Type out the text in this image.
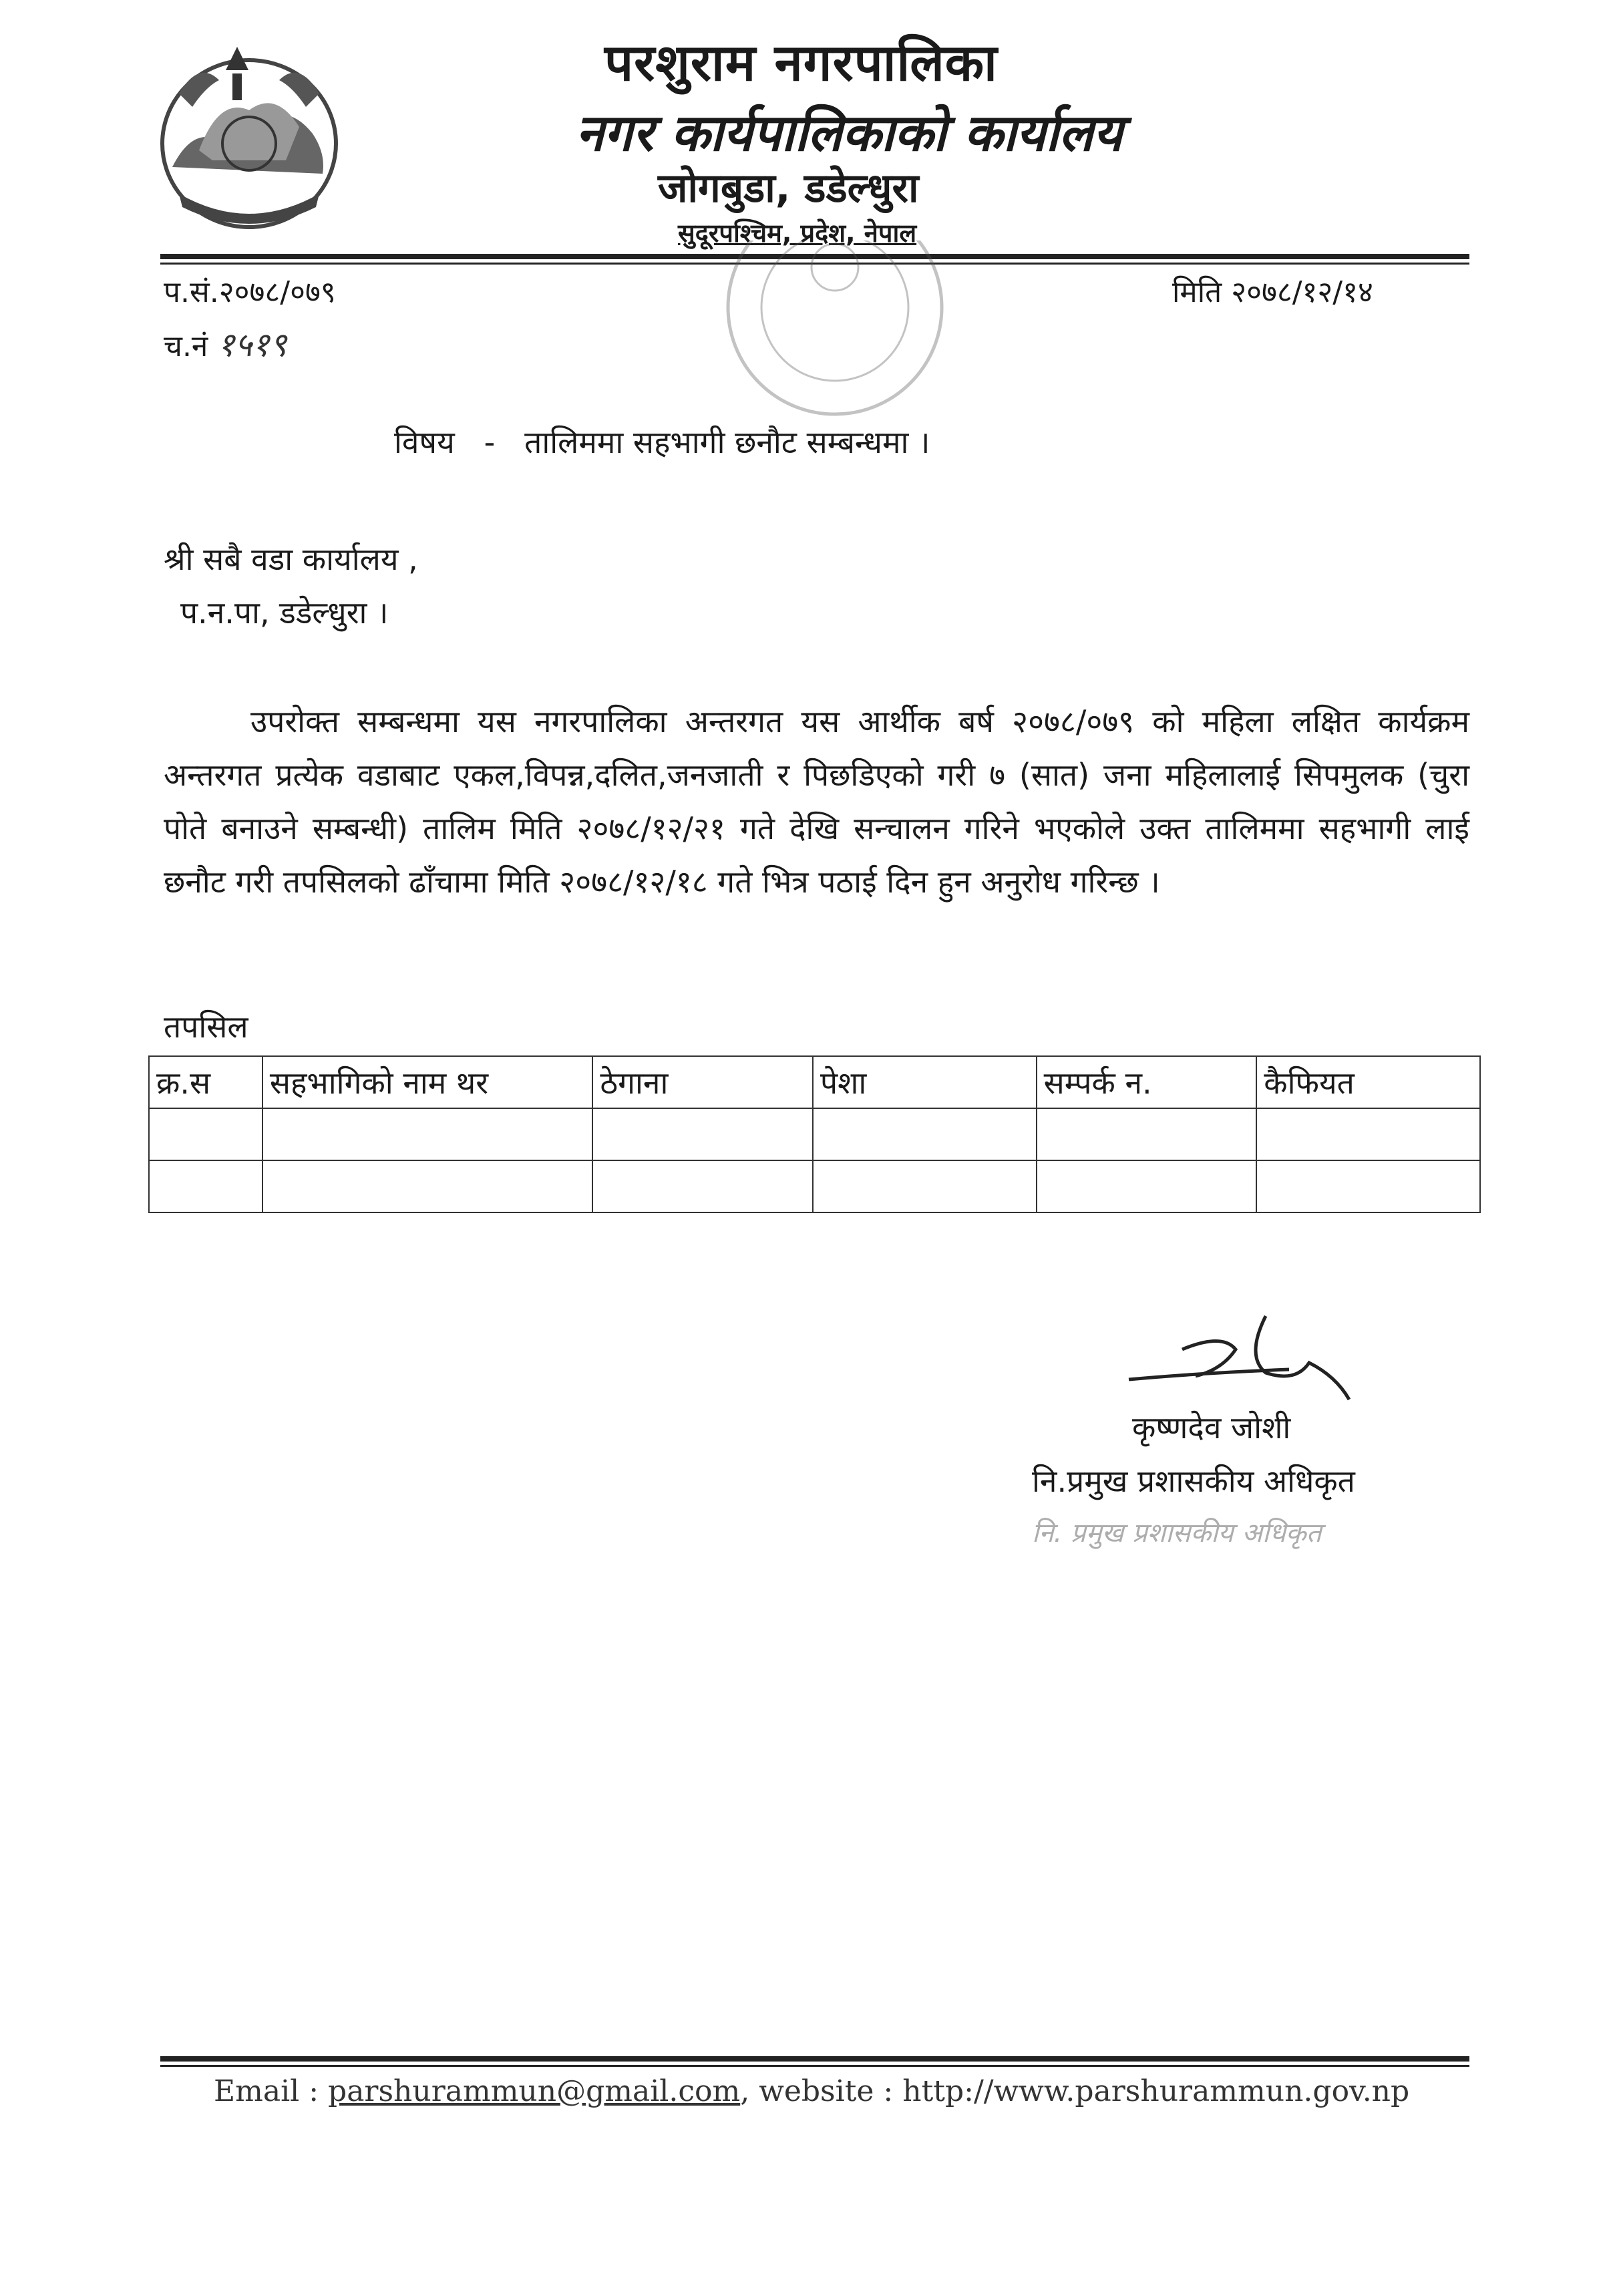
परशुराम नगरपालिका
नगर कार्यपालिकाको कार्यालय
जोगबुडा, डडेल्धुरा
सुदूरपश्चिम, प्रदेश, नेपाल
प.सं.२०७८/०७९
च.नं १५१९
मिति २०७८/१२/१४
विषय - तालिममा सहभागी छनौट सम्बन्धमा ।
श्री सबै वडा कार्यालय ,
प.न.पा, डडेल्धुरा ।
उपरोक्त सम्बन्धमा यस नगरपालिका अन्तरगत यस आर्थीक बर्ष २०७८/०७९ को महिला लक्षित कार्यक्रम अन्तरगत प्रत्येक वडाबाट एकल,विपन्न,दलित,जनजाती र पिछडिएको गरी ७ (सात) जना महिलालाई सिपमुलक (चुरा पोते बनाउने सम्बन्धी) तालिम मिति २०७८/१२/२१ गते देखि सन्चालन गरिने भएकोले उक्त तालिममा सहभागी लाई छनौट गरी तपसिलको ढाँचामा मिति २०७८/१२/१८ गते भित्र पठाई दिन हुन अनुरोध गरिन्छ ।
तपसिल
क्र.स	सहभागिको नाम थर	ठेगाना	पेशा	सम्पर्क न.	कैफियत

कृष्णदेव जोशी
नि.प्रमुख प्रशासकीय अधिकृत
नि. प्रमुख प्रशासकीय अधिकृत
Email : parshurammun@gmail.com, website : http://www.parshurammun.gov.np
